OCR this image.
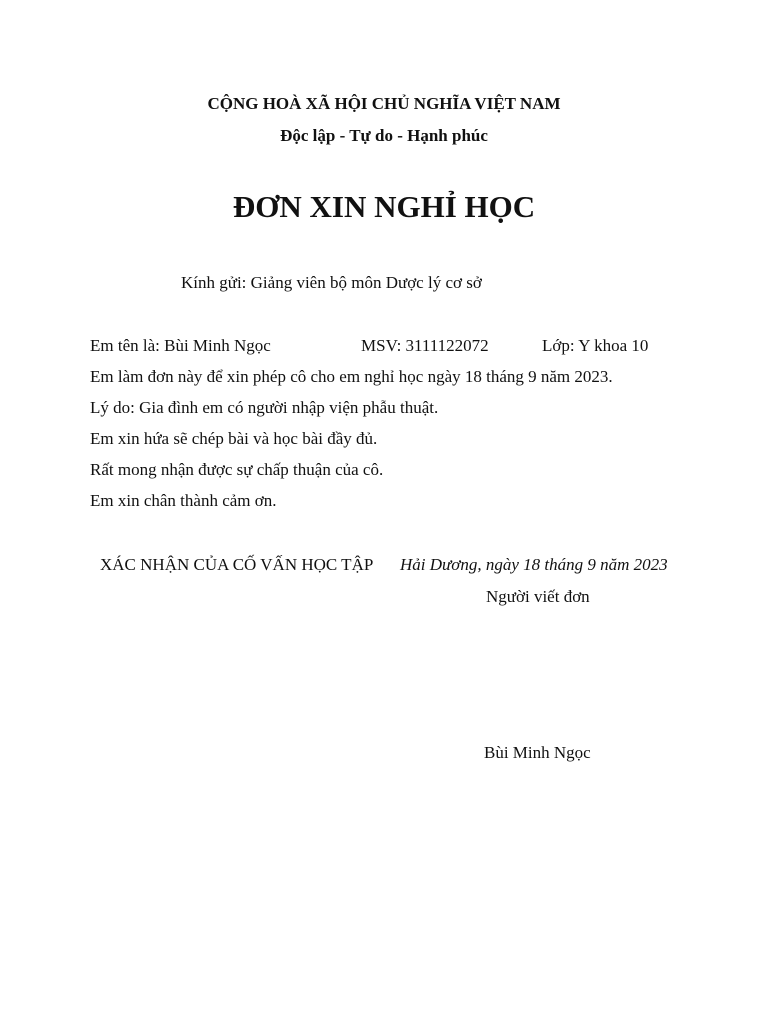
CỘNG HOÀ XÃ HỘI CHỦ NGHĨA VIỆT NAM
Độc lập - Tự do - Hạnh phúc
ĐƠN XIN NGHỈ HỌC
Kính gửi: Giảng viên bộ môn Dược lý cơ sở
Em tên là: Bùi Minh Ngọc	MSV: 3111122072	Lớp: Y khoa 10
Em làm đơn này để xin phép cô cho em nghỉ học ngày 18 tháng 9 năm 2023.
Lý do: Gia đình em có người nhập viện phẫu thuật.
Em xin hứa sẽ chép bài và học bài đầy đủ.
Rất mong nhận được sự chấp thuận của cô.
Em xin chân thành cảm ơn.
XÁC NHẬN CỦA CỐ VẤN HỌC TẬP Hải Dương, ngày 18 tháng 9 năm 2023
Người viết đơn
Bùi Minh Ngọc
